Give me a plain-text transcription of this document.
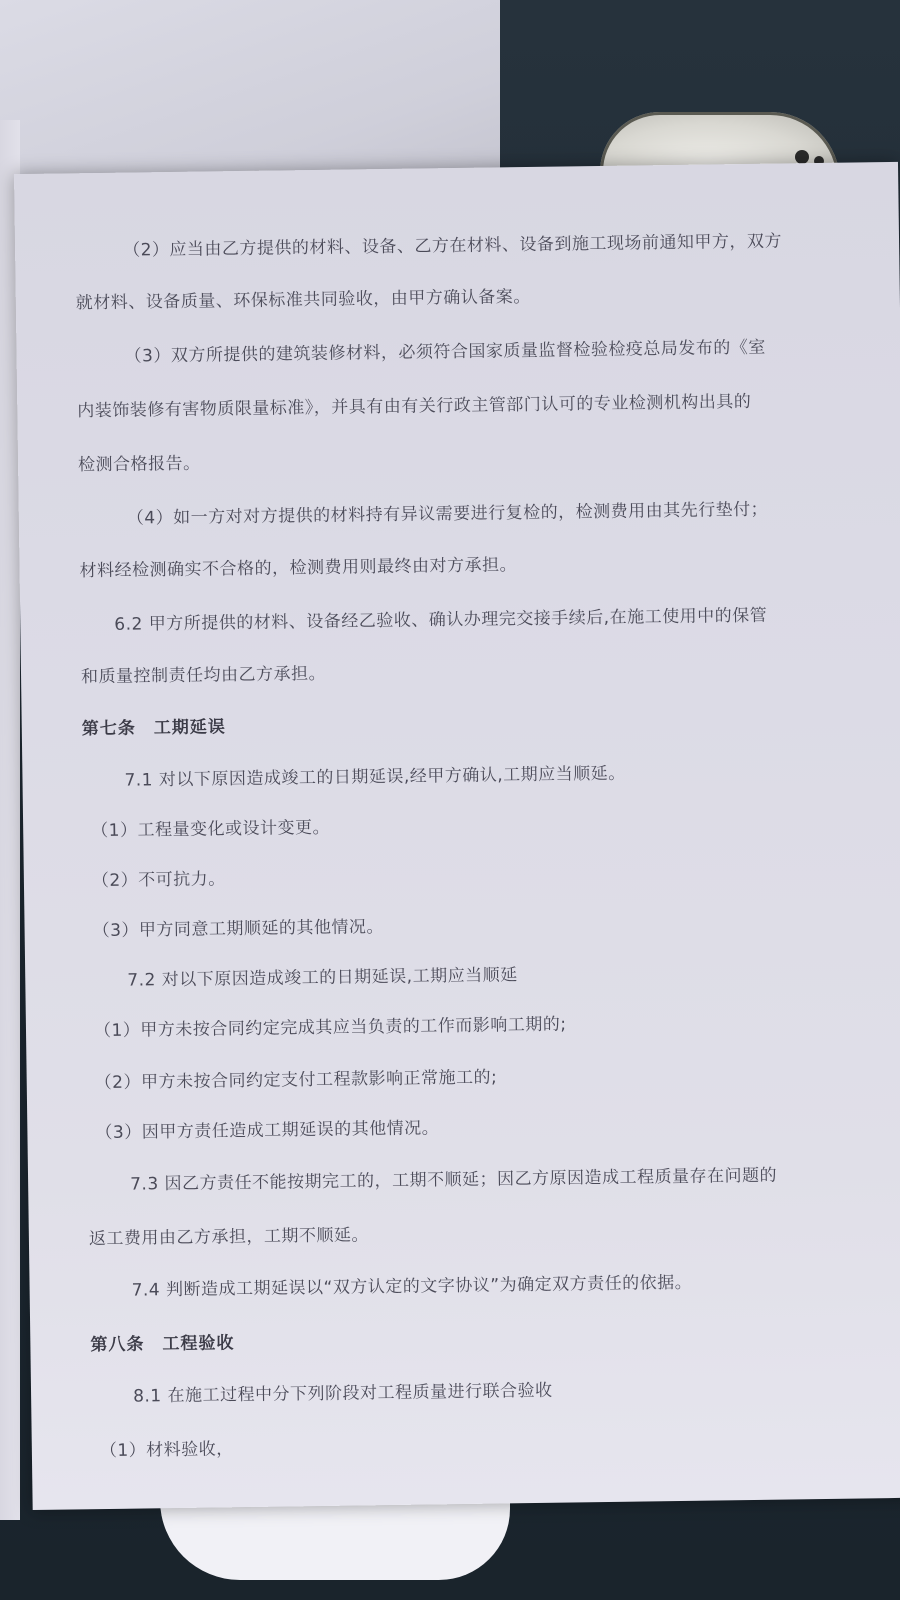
（2）应当由乙方提供的材料、设备、乙方在材料、设备到施工现场前通知甲方，双方
就材料、设备质量、环保标准共同验收，由甲方确认备案。
（3）双方所提供的建筑装修材料，必须符合国家质量监督检验检疫总局发布的《室
内装饰装修有害物质限量标准》，并具有由有关行政主管部门认可的专业检测机构出具的
检测合格报告。
（4）如一方对对方提供的材料持有异议需要进行复检的，检测费用由其先行垫付；
材料经检测确实不合格的，检测费用则最终由对方承担。
6.2 甲方所提供的材料、设备经乙验收、确认办理完交接手续后,在施工使用中的保管
和质量控制责任均由乙方承担。
第七条　工期延误
7.1 对以下原因造成竣工的日期延误,经甲方确认,工期应当顺延。
（1）工程量变化或设计变更。
（2）不可抗力。
（3）甲方同意工期顺延的其他情况。
7.2 对以下原因造成竣工的日期延误,工期应当顺延
（1）甲方未按合同约定完成其应当负责的工作而影响工期的;
（2）甲方未按合同约定支付工程款影响正常施工的;
（3）因甲方责任造成工期延误的其他情况。
7.3 因乙方责任不能按期完工的，工期不顺延；因乙方原因造成工程质量存在问题的
返工费用由乙方承担，工期不顺延。
7.4 判断造成工期延误以“双方认定的文字协议”为确定双方责任的依据。
第八条　工程验收
8.1 在施工过程中分下列阶段对工程质量进行联合验收
（1）材料验收，
